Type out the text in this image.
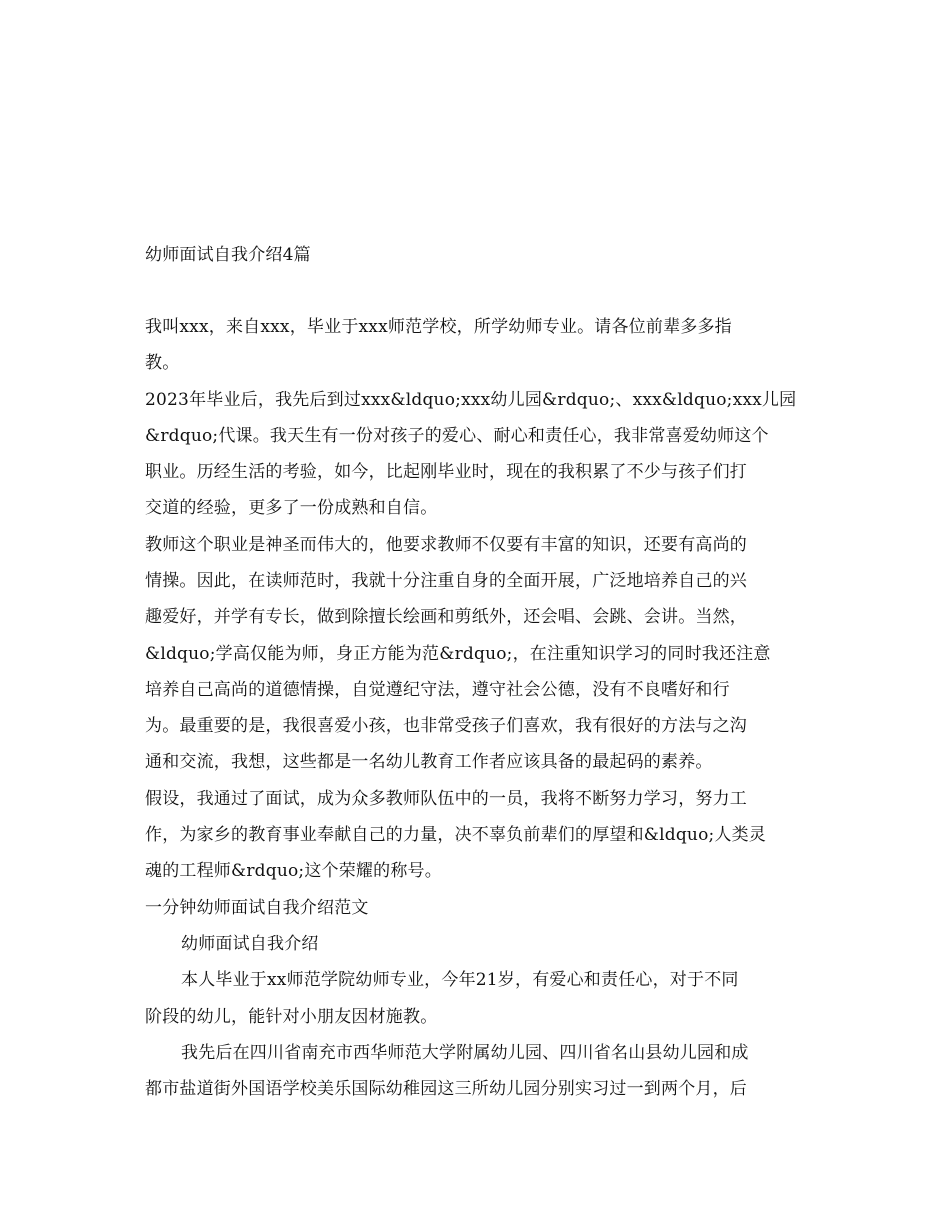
幼师面试自我介绍4篇
我叫xxx，来自xxx，毕业于xxx师范学校，所学幼师专业。请各位前辈多多指
教。
2023年毕业后，我先后到过xxx&ldquo;xxx幼儿园&rdquo;、xxx&ldquo;xxx儿园
&rdquo;代课。我天生有一份对孩子的爱心、耐心和责任心，我非常喜爱幼师这个
职业。历经生活的考验，如今，比起刚毕业时，现在的我积累了不少与孩子们打
交道的经验，更多了一份成熟和自信。
教师这个职业是神圣而伟大的，他要求教师不仅要有丰富的知识，还要有高尚的
情操。因此，在读师范时，我就十分注重自身的全面开展，广泛地培养自己的兴
趣爱好，并学有专长，做到除擅长绘画和剪纸外，还会唱、会跳、会讲。当然，
&ldquo;学高仅能为师，身正方能为范&rdquo;，在注重知识学习的同时我还注意
培养自己高尚的道德情操，自觉遵纪守法，遵守社会公德，没有不良嗜好和行
为。最重要的是，我很喜爱小孩，也非常受孩子们喜欢，我有很好的方法与之沟
通和交流，我想，这些都是一名幼儿教育工作者应该具备的最起码的素养。
假设，我通过了面试，成为众多教师队伍中的一员，我将不断努力学习，努力工
作，为家乡的教育事业奉献自己的力量，决不辜负前辈们的厚望和&ldquo;人类灵
魂的工程师&rdquo;这个荣耀的称号。
一分钟幼师面试自我介绍范文
幼师面试自我介绍
本人毕业于xx师范学院幼师专业，今年21岁，有爱心和责任心，对于不同
阶段的幼儿，能针对小朋友因材施教。
我先后在四川省南充市西华师范大学附属幼儿园、四川省名山县幼儿园和成
都市盐道街外国语学校美乐国际幼稚园这三所幼儿园分别实习过一到两个月，后
